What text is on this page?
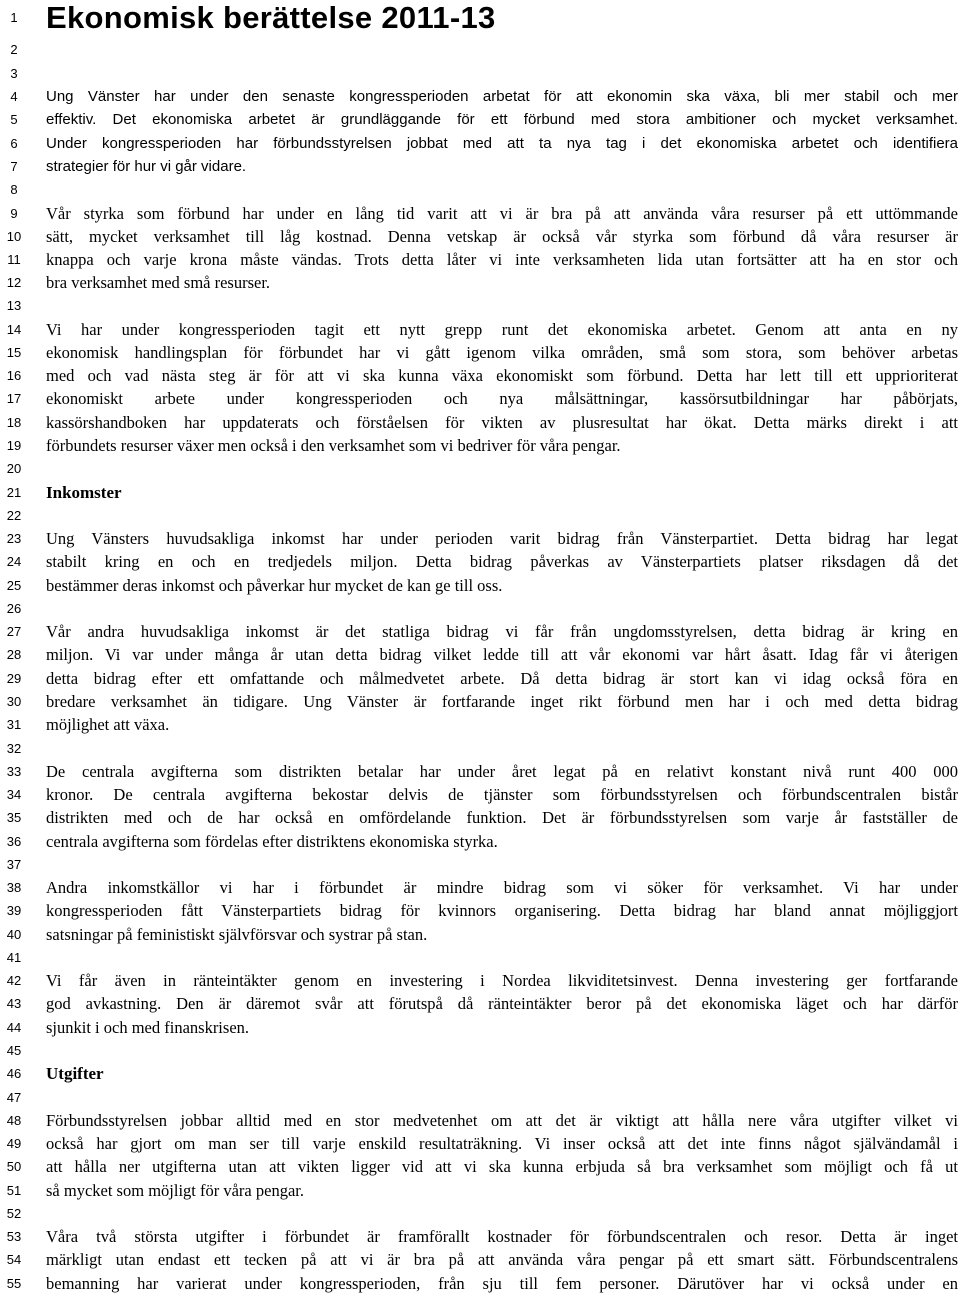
1
2
3
4
5
6
7
8
9
10
11
12
13
14
15
16
17
18
19
20
21
22
23
24
25
26
27
28
29
30
31
32
33
34
35
36
37
38
39
40
41
42
43
44
45
46
47
48
49
50
51
52
53
54
55
Ekonomisk berättelse 2011-13
Ung Vänster har under den senaste kongressperioden arbetat för att ekonomin ska växa, bli mer stabil och mer
effektiv. Det ekonomiska arbetet är grundläggande för ett förbund med stora ambitioner och mycket verksamhet.
Under kongressperioden har förbundsstyrelsen jobbat med att ta nya tag i det ekonomiska arbetet och identifiera
strategier för hur vi går vidare.
Vår styrka som förbund har under en lång tid varit att vi är bra på att använda våra resurser på ett uttömmande
sätt, mycket verksamhet till låg kostnad. Denna vetskap är också vår styrka som förbund då våra resurser är
knappa och varje krona måste vändas. Trots detta låter vi inte verksamheten lida utan fortsätter att ha en stor och
bra verksamhet med små resurser.
Vi har under kongressperioden tagit ett nytt grepp runt det ekonomiska arbetet. Genom att anta en ny
ekonomisk handlingsplan för förbundet har vi gått igenom vilka områden, små som stora, som behöver arbetas
med och vad nästa steg är för att vi ska kunna växa ekonomiskt som förbund. Detta har lett till ett upprioriterat
ekonomiskt arbete under kongressperioden och nya målsättningar, kassörsutbildningar har påbörjats,
kassörshandboken har uppdaterats och förståelsen för vikten av plusresultat har ökat. Detta märks direkt i att
förbundets resurser växer men också i den verksamhet som vi bedriver för våra pengar.
Inkomster
Ung Vänsters huvudsakliga inkomst har under perioden varit bidrag från Vänsterpartiet. Detta bidrag har legat
stabilt kring en och en tredjedels miljon. Detta bidrag påverkas av Vänsterpartiets platser riksdagen då det
bestämmer deras inkomst och påverkar hur mycket de kan ge till oss.
Vår andra huvudsakliga inkomst är det statliga bidrag vi får från ungdomsstyrelsen, detta bidrag är kring en
miljon. Vi var under många år utan detta bidrag vilket ledde till att vår ekonomi var hårt åsatt. Idag får vi återigen
detta bidrag efter ett omfattande och målmedvetet arbete. Då detta bidrag är stort kan vi idag också föra en
bredare verksamhet än tidigare. Ung Vänster är fortfarande inget rikt förbund men har i och med detta bidrag
möjlighet att växa.
De centrala avgifterna som distrikten betalar har under året legat på en relativt konstant nivå runt 400 000
kronor. De centrala avgifterna bekostar delvis de tjänster som förbundsstyrelsen och förbundscentralen bistår
distrikten med och de har också en omfördelande funktion. Det är förbundsstyrelsen som varje år fastställer de
centrala avgifterna som fördelas efter distriktens ekonomiska styrka.
Andra inkomstkällor vi har i förbundet är mindre bidrag som vi söker för verksamhet. Vi har under
kongressperioden fått Vänsterpartiets bidrag för kvinnors organisering. Detta bidrag har bland annat möjliggjort
satsningar på feministiskt självförsvar och systrar på stan.
Vi får även in ränteintäkter genom en investering i Nordea likviditetsinvest. Denna investering ger fortfarande
god avkastning. Den är däremot svår att förutspå då ränteintäkter beror på det ekonomiska läget och har därför
sjunkit i och med finanskrisen.
Utgifter
Förbundsstyrelsen jobbar alltid med en stor medvetenhet om att det är viktigt att hålla nere våra utgifter vilket vi
också har gjort om man ser till varje enskild resultaträkning. Vi inser också att det inte finns något självändamål i
att hålla ner utgifterna utan att vikten ligger vid att vi ska kunna erbjuda så bra verksamhet som möjligt och få ut
så mycket som möjligt för våra pengar.
Våra två största utgifter i förbundet är framförallt kostnader för förbundscentralen och resor. Detta är inget
märkligt utan endast ett tecken på att vi är bra på att använda våra pengar på ett smart sätt. Förbundscentralens
bemanning har varierat under kongressperioden, från sju till fem personer. Därutöver har vi också under en
